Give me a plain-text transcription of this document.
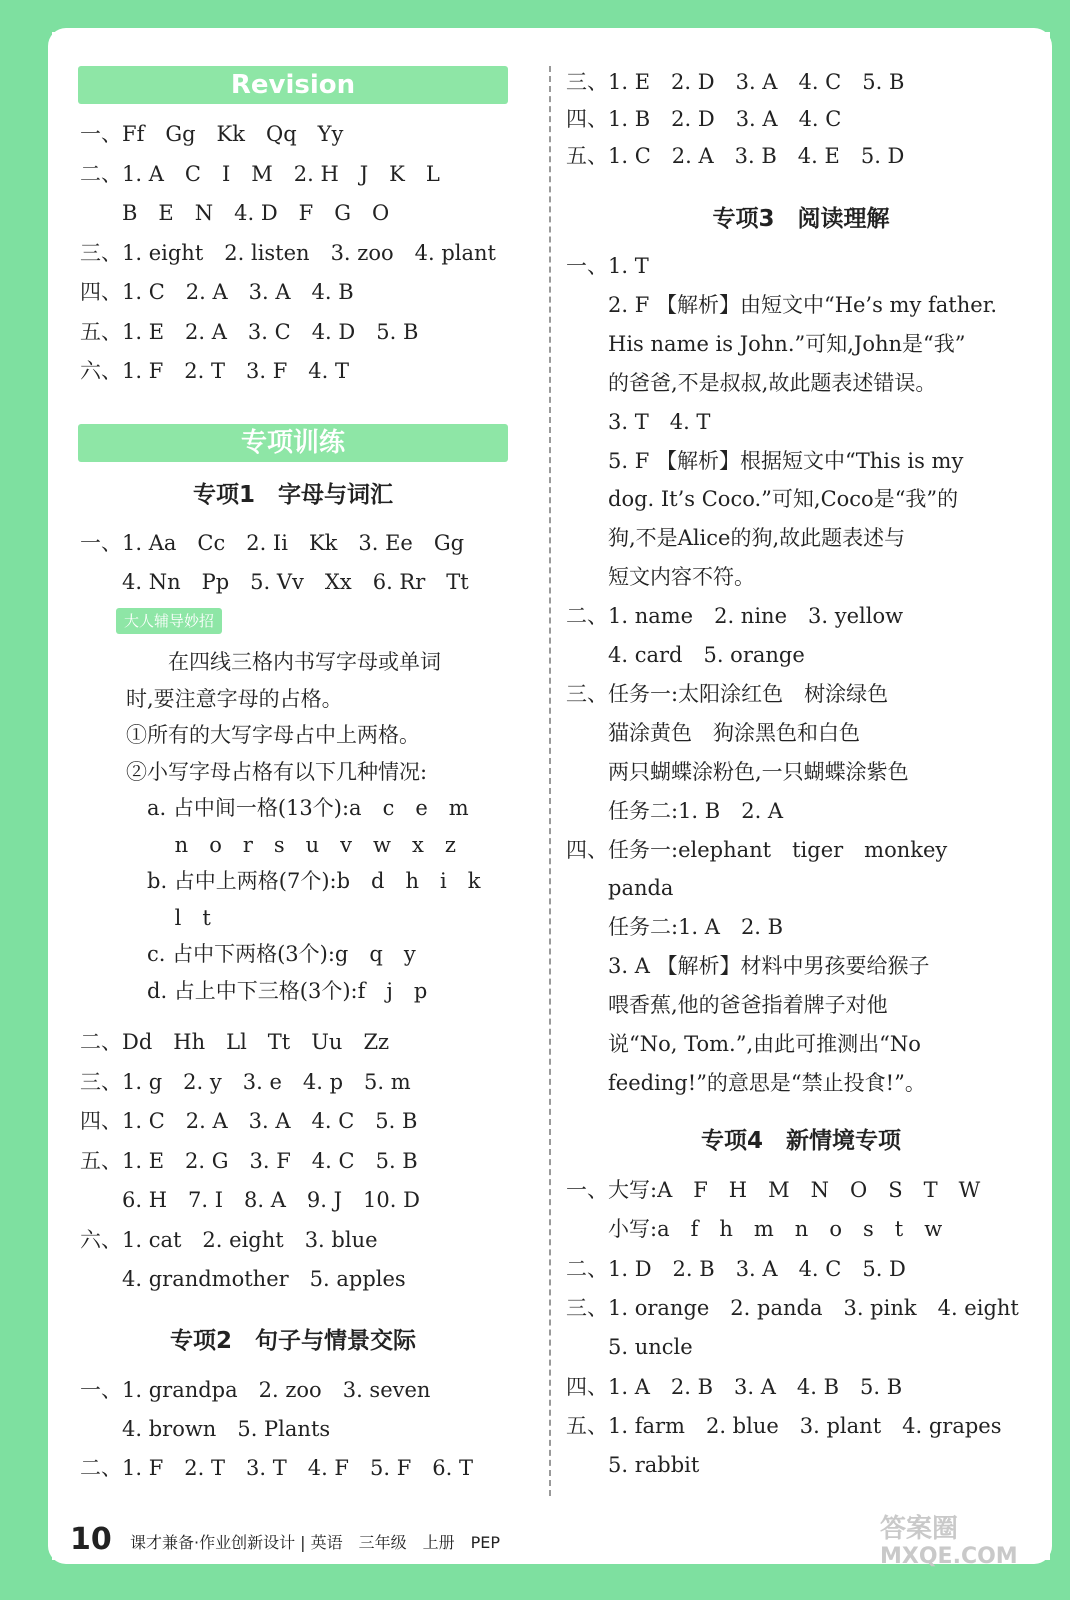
Revision
一、Ff　Gg　Kk　Qq　Yy
二、1. A　C　I　M　2. H　J　K　L
　　B　E　N　4. D　F　G　O
三、1. eight　2. listen　3. zoo　4. plant
四、1. C　2. A　3. A　4. B
五、1. E　2. A　3. C　4. D　5. B
六、1. F　2. T　3. F　4. T
专项训练
专项1　字母与词汇
一、1. Aa　Cc　2. Ii　Kk　3. Ee　Gg
　　4. Nn　Pp　5. Vv　Xx　6. Rr　Tt
大人辅导妙招
　　在四线三格内书写字母或单词
时,要注意字母的占格。
①所有的大写字母占中上两格。
②小写字母占格有以下几种情况:
　a. 占中间一格(13个):a　c　e　m
　　 n　o　r　s　u　v　w　x　z
　b. 占中上两格(7个):b　d　h　i　k
　　 l　t
　c. 占中下两格(3个):g　q　y
　d. 占上中下三格(3个):f　j　p
二、Dd　Hh　Ll　Tt　Uu　Zz
三、1. g　2. y　3. e　4. p　5. m
四、1. C　2. A　3. A　4. C　5. B
五、1. E　2. G　3. F　4. C　5. B
　　6. H　7. I　8. A　9. J　10. D
六、1. cat　2. eight　3. blue
　　4. grandmother　5. apples
专项2　句子与情景交际
一、1. grandpa　2. zoo　3. seven
　　4. brown　5. Plants
二、1. F　2. T　3. T　4. F　5. F　6. T
三、1. E　2. D　3. A　4. C　5. B
四、1. B　2. D　3. A　4. C
五、1. C　2. A　3. B　4. E　5. D
专项3　阅读理解
一、1. T
　　2. F 【解析】由短文中“He’s my father.
　　His name is John.”可知,John是“我”
　　的爸爸,不是叔叔,故此题表述错误。
　　3. T　4. T
　　5. F 【解析】根据短文中“This is my
　　dog. It’s Coco.”可知,Coco是“我”的
　　狗,不是Alice的狗,故此题表述与
　　短文内容不符。
二、1. name　2. nine　3. yellow
　　4. card　5. orange
三、任务一:太阳涂红色　树涂绿色
　　猫涂黄色　狗涂黑色和白色
　　两只蝴蝶涂粉色,一只蝴蝶涂紫色
　　任务二:1. B　2. A
四、任务一:elephant　tiger　monkey
　　panda
　　任务二:1. A　2. B
　　3. A 【解析】材料中男孩要给猴子
　　喂香蕉,他的爸爸指着牌子对他
　　说“No, Tom.”,由此可推测出“No
　　feeding!”的意思是“禁止投食!”。
专项4　新情境专项
一、大写:A　F　H　M　N　O　S　T　W
　　小写:a　f　h　m　n　o　s　t　w
二、1. D　2. B　3. A　4. C　5. D
三、1. orange　2. panda　3. pink　4. eight
　　5. uncle
四、1. A　2. B　3. A　4. B　5. B
五、1. farm　2. blue　3. plant　4. grapes
　　5. rabbit
10 课才兼备·作业创新设计 | 英语　三年级　上册　PEP	答案圈
MXQE.COM
